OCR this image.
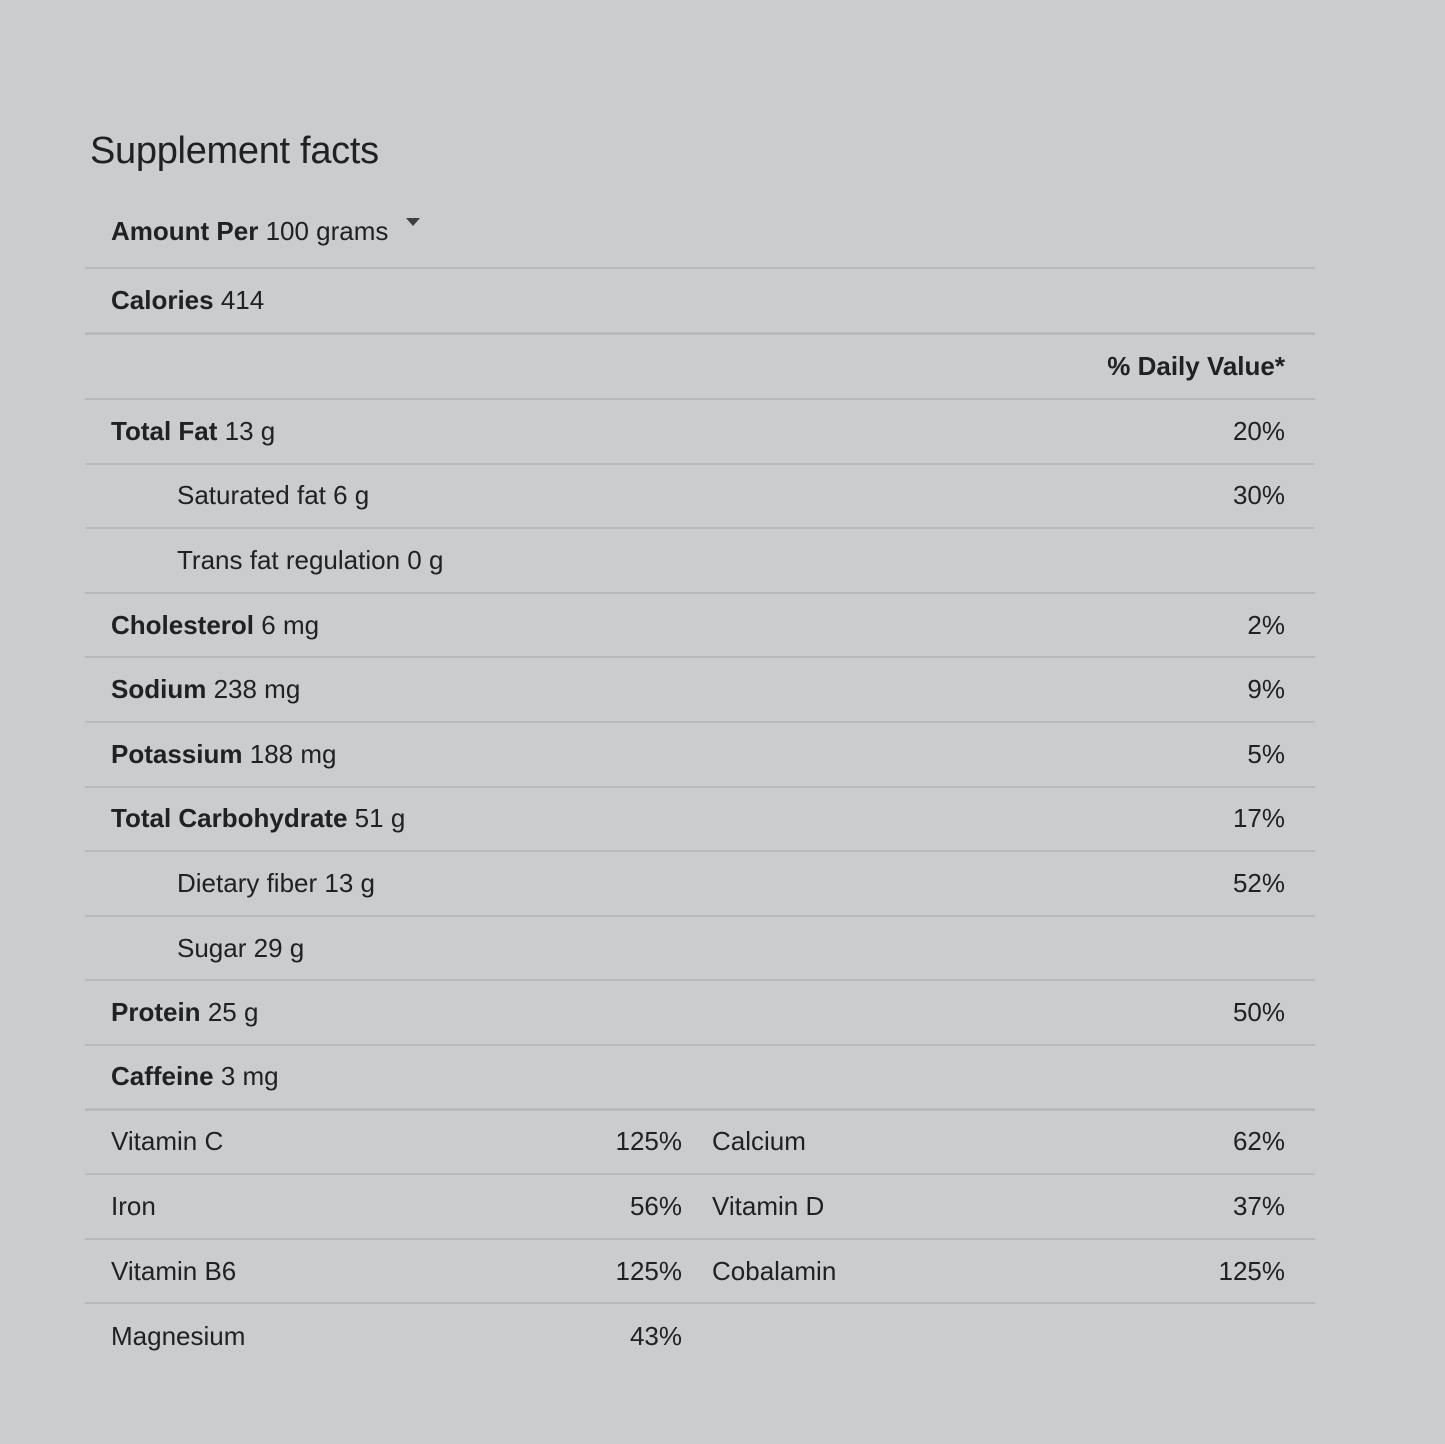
Supplement facts
Amount Per 100 grams
Calories 414
% Daily Value*
Total Fat 13 g	20%
Saturated fat 6 g	30%
Trans fat regulation 0 g
Cholesterol 6 mg	2%
Sodium 238 mg	9%
Potassium 188 mg	5%
Total Carbohydrate 51 g	17%
Dietary fiber 13 g	52%
Sugar 29 g
Protein 25 g	50%
Caffeine 3 mg
Vitamin C	125% Calcium	62%
Iron	56% Vitamin D	37%
Vitamin B6	125% Cobalamin	125%
Magnesium	43%
